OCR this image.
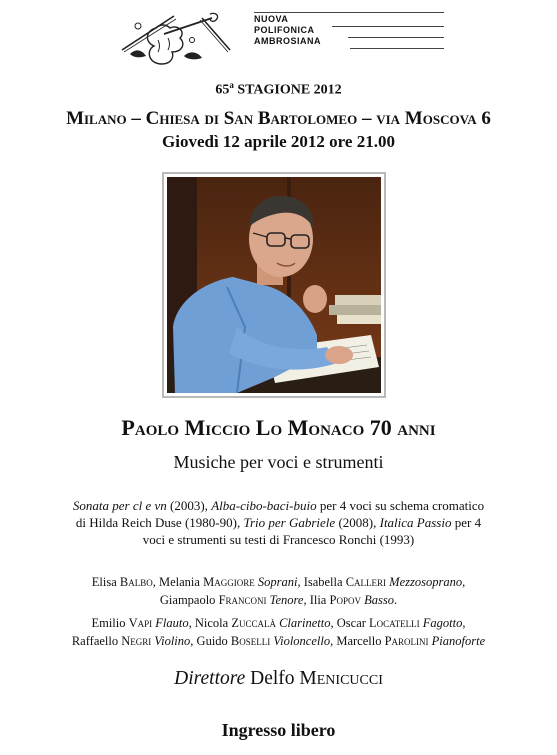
NUOVA
POLIFONICA
AMBROSIANA
65$^a$ STAGIONE 2012
Milano – Chiesa di San Bartolomeo – via Moscova 6
Giovedì 12 aprile 2012 ore 21.00
Paolo Miccio Lo Monaco 70 anni
Musiche per voci e strumenti
Sonata per cl e vn (2003), Alba-cibo-baci-buio per 4 voci su schema cromatico
di Hilda Reich Duse (1980-90), Trio per Gabriele (2008), Italica Passio per 4
voci e strumenti su testi di Francesco Ronchi (1993)
Elisa Balbo, Melania Maggiore Soprani, Isabella Calleri Mezzosoprano,
Giampaolo Franconi Tenore, Ilia Popov Basso.
Emilio Vapi Flauto, Nicola Zuccalà Clarinetto, Oscar Locatelli Fagotto,
Raffaello Negri Violino, Guido Boselli Violoncello, Marcello Parolini Pianoforte
Direttore Delfo Menicucci
Ingresso libero
